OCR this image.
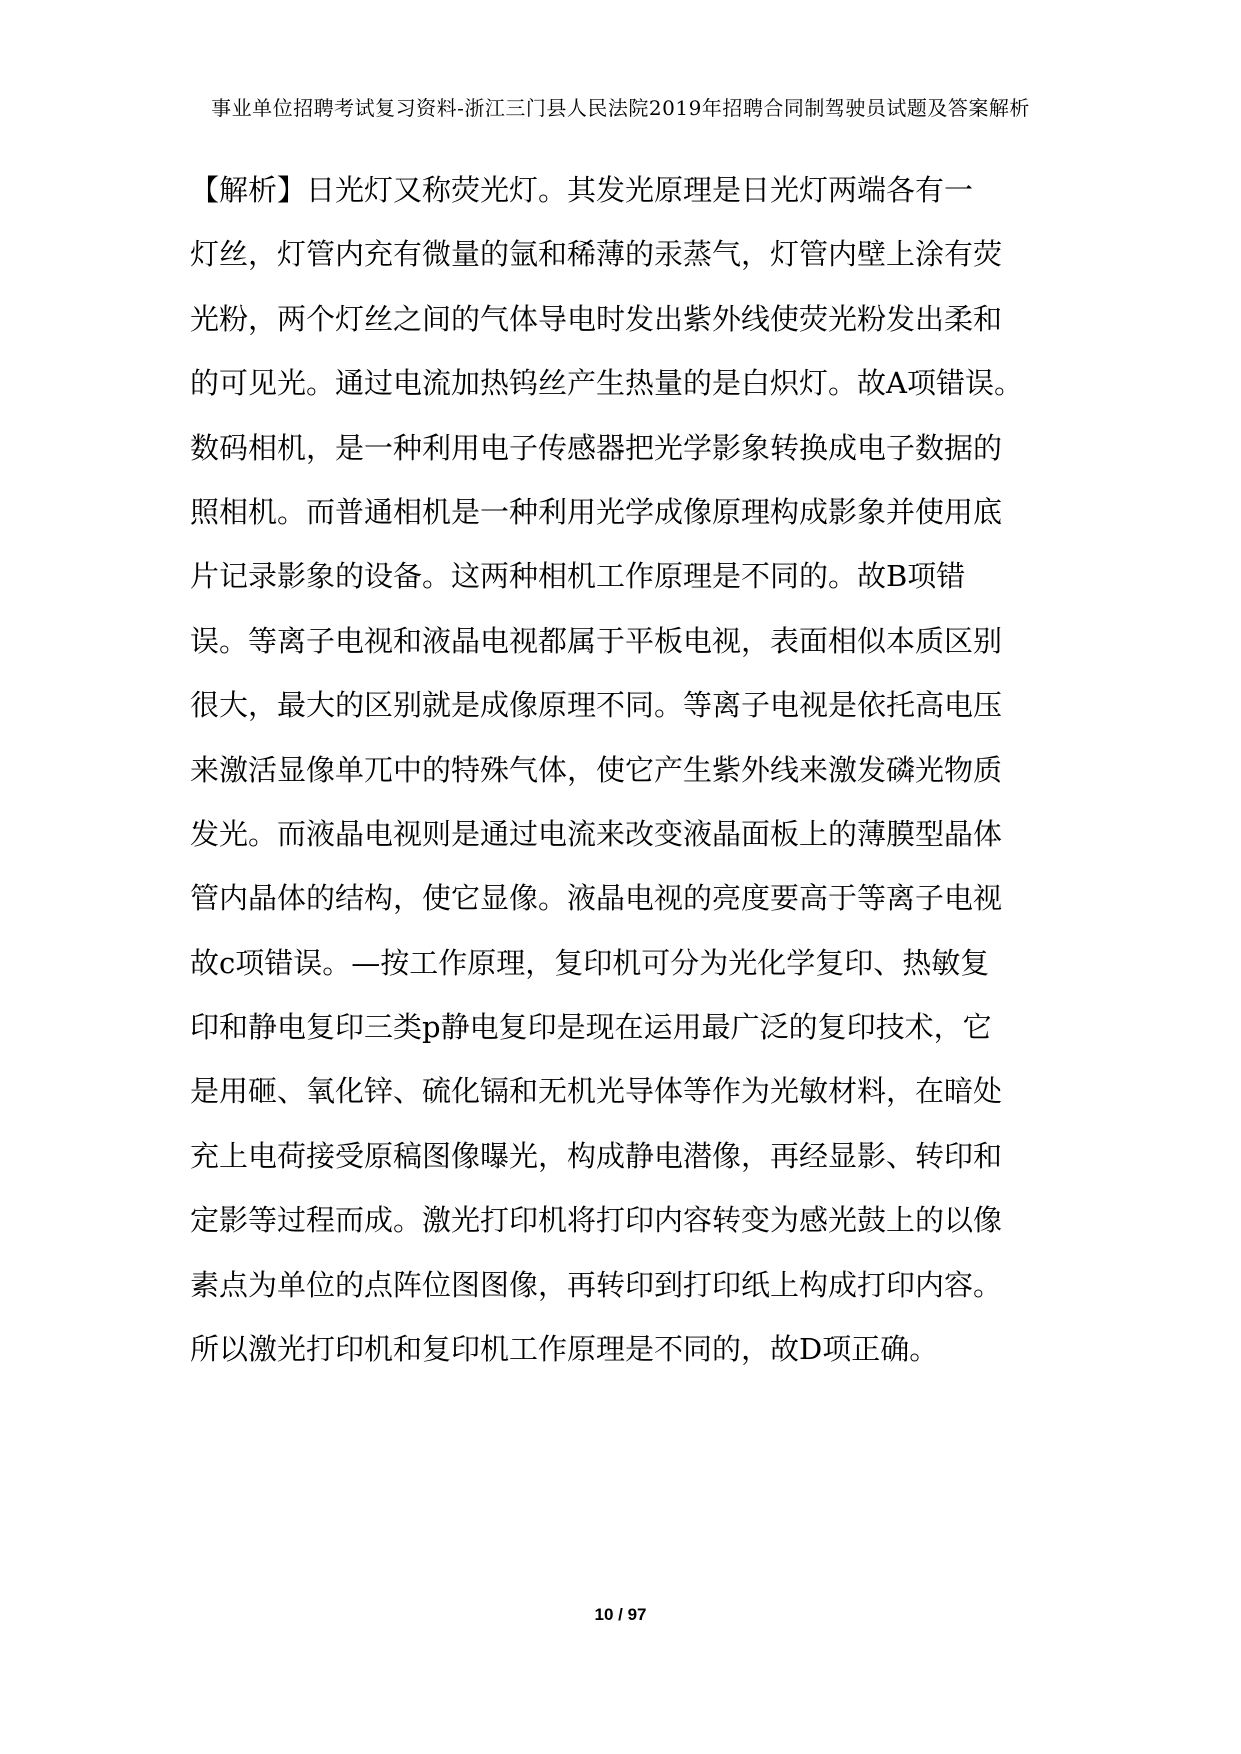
事业单位招聘考试复习资料-浙江三门县人民法院2019年招聘合同制驾驶员试题及答案解析
【解析】日光灯又称荧光灯。其发光原理是日光灯两端各有一
灯丝，灯管内充有微量的氩和稀薄的汞蒸气，灯管内壁上涂有荧
光粉，两个灯丝之间的气体导电时发出紫外线使荧光粉发出柔和
的可见光。通过电流加热钨丝产生热量的是白炽灯。故A项错误。
数码相机，是一种利用电子传感器把光学影象转换成电子数据的
照相机。而普通相机是一种利用光学成像原理构成影象并使用底
片记录影象的设备。这两种相机工作原理是不同的。故B项错
误。等离子电视和液晶电视都属于平板电视，表面相似本质区别
很大，最大的区别就是成像原理不同。等离子电视是依托高电压
来激活显像单兀中的特殊气体，使它产生紫外线来激发磷光物质
发光。而液晶电视则是通过电流来改变液晶面板上的薄膜型晶体
管内晶体的结构，使它显像。液晶电视的亮度要高于等离子电视
故c项错误。—按工作原理，复印机可分为光化学复印、热敏复
印和静电复印三类p静电复印是现在运用最广泛的复印技术，它
是用砸、氧化锌、硫化镉和无机光导体等作为光敏材料，在暗处
充上电荷接受原稿图像曝光，构成静电潜像，再经显影、转印和
定影等过程而成。激光打印机将打印内容转变为感光鼓上的以像
素点为单位的点阵位图图像，再转印到打印纸上构成打印内容。
所以激光打印机和复印机工作原理是不同的，故D项正确。
10 / 97
